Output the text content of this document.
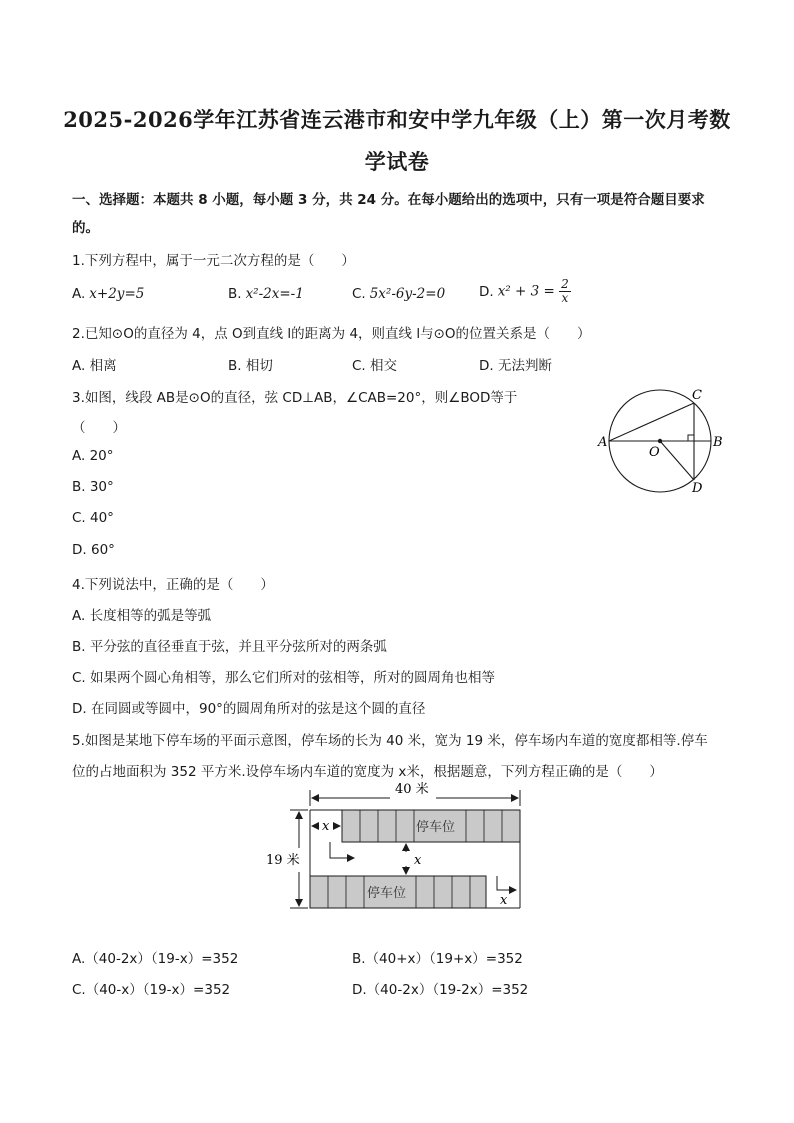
2025-2026学年江苏省连云港市和安中学九年级（上）第一次月考数
学试卷
一、选择题：本题共 8 小题，每小题 3 分，共 24 分。在每小题给出的选项中，只有一项是符合题目要求
的。
1.下列方程中，属于一元二次方程的是（　　）
A. x+2y=5	B. x²-2x=-1	C. 5x²-6y-2=0	D. $x^2 + 3 = \frac{2}{x}$
2.已知⊙O的直径为 4，点 O到直线 l的距离为 4，则直线 l与⊙O的位置关系是（　　）
A. 相离	B. 相切	C. 相交	D. 无法判断
3.如图，线段 AB是⊙O的直径，弦 CD⊥AB，∠CAB=20°，则∠BOD等于
（　　）
A. 20°
B. 30°
C. 40°
D. 60°
A	B
C
D
O
4.下列说法中，正确的是（　　）
A. 长度相等的弧是等弧
B. 平分弦的直径垂直于弦，并且平分弦所对的两条弧
C. 如果两个圆心角相等，那么它们所对的弦相等，所对的圆周角也相等
D. 在同圆或等圆中，90°的圆周角所对的弦是这个圆的直径
5.如图是某地下停车场的平面示意图，停车场的长为 40 米，宽为 19 米，停车场内车道的宽度都相等.停车
位的占地面积为 352 平方米.设停车场内车道的宽度为 x米，根据题意，下列方程正确的是（　　）
40 米
19 米
停车位
停车位
x
x
x
A.（40-2x）（19-x）=352	B.（40+x）（19+x）=352
C.（40-x）（19-x）=352	D.（40-2x）（19-2x）=352
